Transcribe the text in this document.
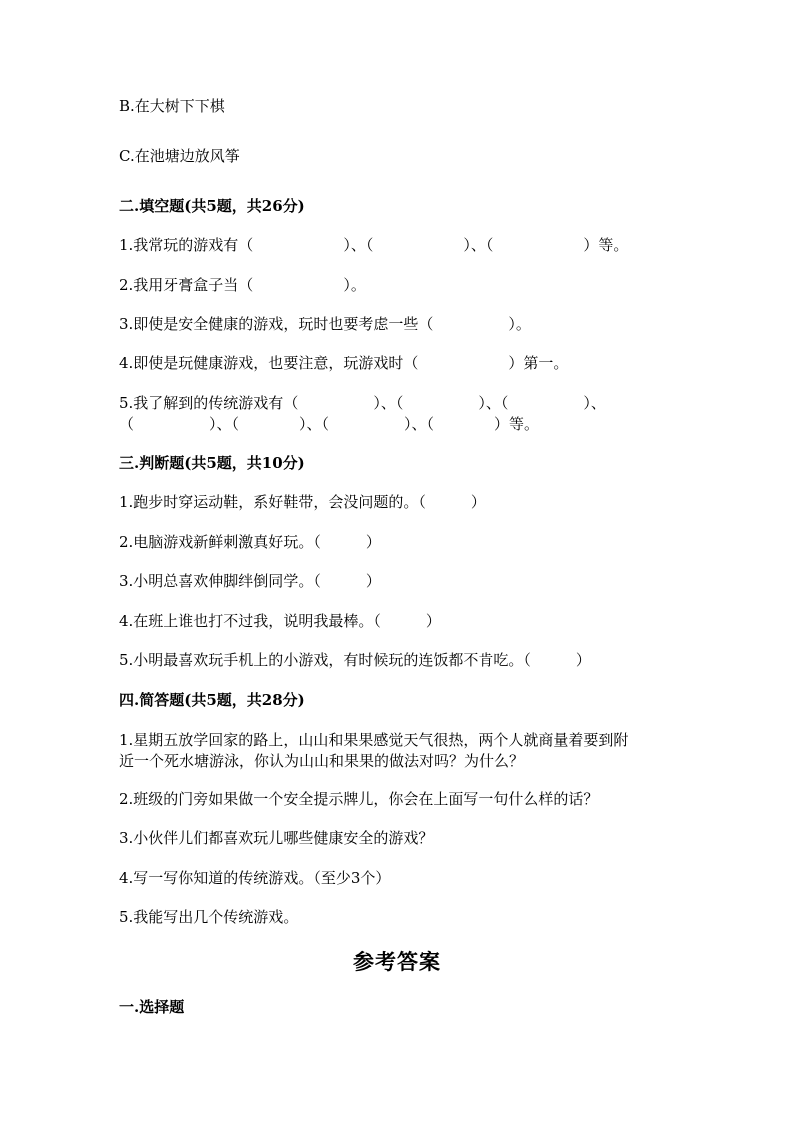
B.在大树下下棋
C.在池塘边放风筝
二.填空题(共5题，共26分)
1.我常玩的游戏有（　　　　　　）、（　　　　　　）、（　　　　　　）等。
2.我用牙膏盒子当（　　　　　　）。
3.即使是安全健康的游戏，玩时也要考虑一些（　　　　　）。
4.即使是玩健康游戏，也要注意，玩游戏时（　　　　　　）第一。
5.我了解到的传统游戏有（　　　　　）、（　　　　　）、（　　　　　）、
（　　　　　）、（　　　　）、（　　　　　）、（　　　　）等。
三.判断题(共5题，共10分)
1.跑步时穿运动鞋，系好鞋带，会没问题的。（　　　）
2.电脑游戏新鲜刺激真好玩。（　　　）
3.小明总喜欢伸脚绊倒同学。（　　　）
4.在班上谁也打不过我，说明我最棒。（　　　）
5.小明最喜欢玩手机上的小游戏，有时候玩的连饭都不肯吃。（　　　）
四.简答题(共5题，共28分)
1.星期五放学回家的路上，山山和果果感觉天气很热，两个人就商量着要到附
近一个死水塘游泳，你认为山山和果果的做法对吗？为什么？
2.班级的门旁如果做一个安全提示牌儿，你会在上面写一句什么样的话？
3.小伙伴儿们都喜欢玩儿哪些健康安全的游戏？
4.写一写你知道的传统游戏。（至少3个）
5.我能写出几个传统游戏。
参考答案
一.选择题
